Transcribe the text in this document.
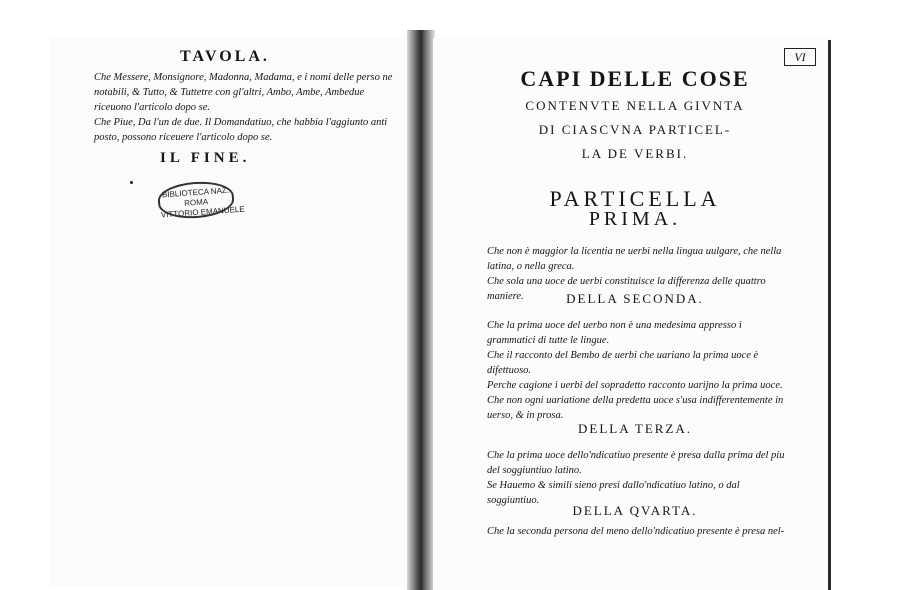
TAVOLA.

Che Messere, Monsignore, Madonna, Madama, e i nomi delle perso ne notabili, & Tutto, & Tuttetre con gl'altri, Ambo, Ambe, Ambedue riceuono l'articolo dopo se.

Che Piue, Da l'un de due. Il Domandatiuo, che habbia l'aggiunto anti posto, possono riceuere l'articolo dopo se.

IL FINE.
BIBLIOTECA NAZ.
ROMA
VITTORIO EMANUELE
VI
CAPI DELLE COSE
CONTENVTE NELLA GIVNTA
DI CIASCVNA PARTICEL-
LA DE VERBI.
PARTICELLA
PRIMA.

Che non è maggior la licentia ne uerbi nella lingua uulgare, che nella latina, o nella greca.

Che sola una uoce de uerbi constituisce la differenza delle quattro maniere.	DELLA SECONDA.

Che la prima uoce del uerbo non è una medesima appresso i grammatici di tutte le lingue.

Che il racconto del Bembo de uerbi che uariano la prima uoce è difettuoso.

Perche cagione i uerbi del sopradetto racconto uarijno la prima uoce.

Che non ogni uariatione della predetta uoce s'usa indifferentemente in uerso, & in prosa.

DELLA TERZA.

Che la prima uoce dello'ndicatiuo presente è presa dalla prima del piu del soggiuntiuo latino.

Se Hauemo & simili sieno presi dallo'ndicatiuo latino, o dal soggiuntiuo.

DELLA QVARTA.

Che la seconda persona del meno dello'ndicatiuo presente è presa nel-
